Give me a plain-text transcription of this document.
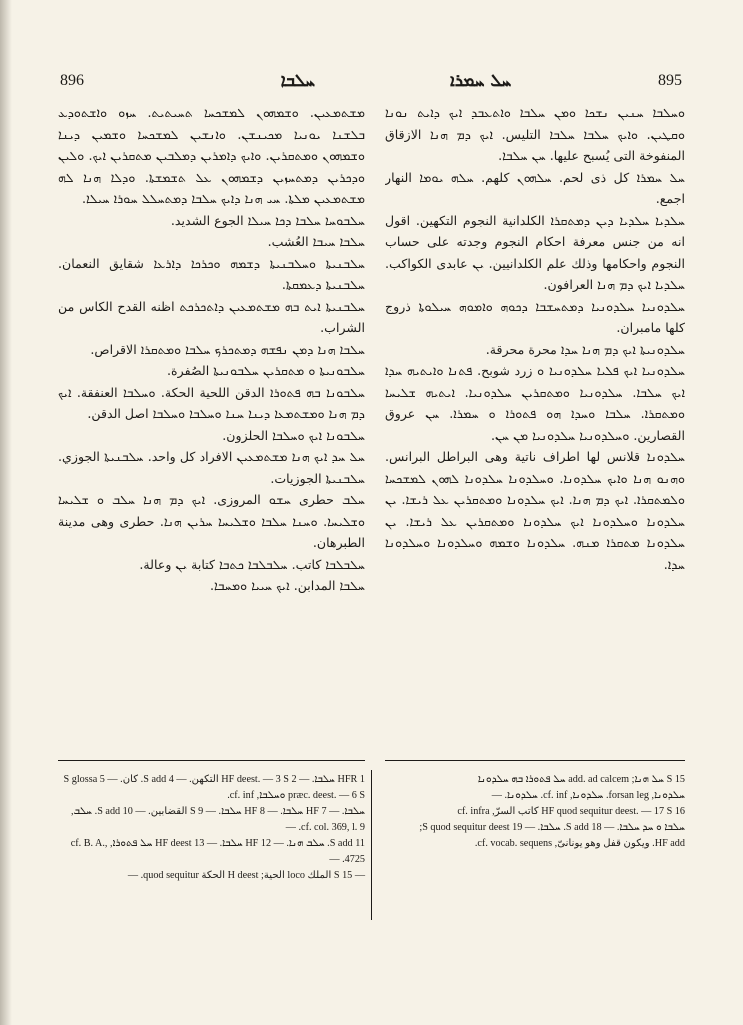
896	ܚܠܒܐ	ܚܠ ܚܡܪܐ	895

ܡܫܬܡܥܝܢ. ܘܫܡܗܘܢ ܠܡܫܟܚܐ ܬܚܝܬܝܬ. ܚܙܘ ܘܐܫܬܘܕܥ ܒܠܫܢܐ ܝܘܢܝܐ ܡܟܝܢܫܢ. ܘܐܢܫܝܢ ܠܡܫܟܚܐ ܘܫܡܝܢ ܕܝܢܐ ܘܫܡܗܘܢ ܘܡܬܩܪܝܢ. ܘܐܝܟ ܕܐܡܪܝܢ ܕܡܠܒܝܢ ܡܬܩܪܝܢ ܐܝܟ. ܘܠܝܢ ܘܕܟܪܝܢ ܕܡܬܚܙܝܢ ܕܫܡܗܘܢ ܥܠ ܬܫܡܫܬܐ. ܘܕܠܐ ܗܢܐ ܠܗ ܡܫܬܡܥܝܢ ܡܠܬܐ. ܚܝ ܗܢܐ ܕܐܝܟ ܚܠܒܐ ܕܡܬܚܠܠ ܚܘܪܐ ܚܝܠܐ.

ܚܠܒܘܚܐ ܚܠܒܐ ܕܟܐ ܚܝܠܐ الجوع الشديد.

ܚܠܒܐ ܚܝܒܐ العُشب.

ܚܠܒܢܝܬܐ ܘܚܠܒܢܝܬܐ ܕܫܡܗ ܘܟܪܟܐ ܕܐܪܥܐ شقايق النعمان. ܚܠܒܢܝܬܐ ܕܥܡܩܬܐ.

ܚܠܒܢܝܬܐ ܐܝܬ ܒܗ ܡܫܬܡܥܝܢ ܕܐܬܟܪܟܬ اظنه القدح الكاس من الشراب.

ܚܠܒܐ ܗܢܐ ܕܡܢ ܢܦܫܗ ܕܡܬܟܪܟ ܚܠܒܐ ܘܡܬܩܪܐ الاقراص.

ܚܠܒܘܢܝܬܐ ܘ ܡܬܩܪܝܢ ܚܠܒܘܢܝܬܐ الصُفرة.

ܚܠܒܘܢܐ ܒܗ ܦܬܘܪܐ الدقن اللحية الحكة. ܘܚܠܒܐ العنفقة. ܐܝܟ ܕܡ ܗܢܐ ܘܡܫܬܡܥܐ ܕܝܢܐ ܚܢܐ ܘܚܠܒܐ ܘܚܠܒܐ اصل الدقن.

ܚܠܒܘܢܐ ܐܝܟ ܘܚܠܒܐ الحلزون.

ܚܠ ܚܕ ܐܝܟ ܗܢܐ ܡܫܬܡܥܝܢ الافراد كل واحد. ܚܠܒܢܝܬܐ الجوزي. ܚܠܒܢܝܬܐ الجوزيات.

ܚܠܒ حطرى ܚܫܘ المروزى. ܐܝܟ ܕܡ ܗܢܐ ܚܠܒ ܘ ܫܠܝܚܐ ܘܫܠܝܚܐ. ܘܚܢܐ ܚܠܒܐ ܘܫܠܝܚܐ ܚܪܝܢ ܗܢܐ. حطرى وهى مدينة الطبرهان.

ܚܠܒܠܒܐ كاتب. ܚܠܒܠܒܐ ܟܬܒܐ كتابة ܝܢ وعالة.

ܚܠܒܐ المدابن. ܐܝܟ ܚܝܝܐ ܘܡܚܒܐ.

ܘܚܠܒܐ ܚܢܝܢ ܢܫܟܐ ܘܡܢ ܚܠܒܐ ܘܐܬܥܒܕ ܐܝܟ ܕܐܝܬ ܢܘܢܐ ܘܩܛܝܢ. ܘܐܝܟ ܚܠܒܐ ܚܠܒܐ التليس. ܐܝܟ ܕܡ ܗܢܐ الازقاق المنفوخة التى يُسبح عليها. ܚܢ ܚܠܒܐ.

ܚܠ ܚܡܪܐ كل ذى لحم. ܚܠܗܘܢ كلهم. ܚܠܗ ܝܘܡܐ النهار اجمع.

ܚܠܕܝܐ ܚܠܕܝܐ ܕܝܢ ܕܡܬܩܪܐ الكلدانية النجوم التكهين. اقول انه من جنس معرفة احكام النجوم وجدته على حساب النجوم واحكامها وذلك علم الكلدانيين. ܝܢ عابدى الكواكب. ܚܠܕܝܐ ܐܝܟ ܕܡ ܗܢܐ العرافون.

ܚܠܕܘܢܝܐ ܚܠܕܘܢܝܐ ܕܡܬܚܫܒܐ ܕܟܘܗ ܘܐܡܘܗ ܚܝܠܘܬܐ ذروج كلها مامبران.

ܚܠܕܘܢܝܬܐ ܐܝܟ ܕܡ ܗܢܐ ܚܕܐ محرة محرقة.

ܚܠܕܘܢܝܐ ܐܝܟ ܦܠܝܐ ܚܠܕܘܢܝܐ ܘ زرد شوبح. ܦܬܢܐ ܘܐܝܬܝܗ ܚܕܐ ܐܝܟ ܚܠܒܐ. ܚܠܕܘܢܝܐ ܘܡܬܩܪܝܢ ܚܠܕܘܢܝܐ. ܐܝܬܝܗ ܫܠܝܚܐ ܘܡܬܩܪܐ. ܚܠܒܐ ܘܚܕܐ ܗܘ ܦܬܘܪܐ ܘ ܚܡܪܐ. ܚܢ عروق القصارين. ܘܚܠܕܘܢܝܐ ܚܠܕܘܢܝܐ ܡܢ ܚܢ.

ܚܠܕܘܢܐ قلانس لها اطراف ناتية وهى البراطل البرانس. ܘܗܢܘ ܗܢܐ ܘܐܝܟ ܚܠܕܘܢܐ. ܘܚܠܕܘܢܐ ܚܠܕܘܢܐ ܠܗܘܢ ܠܡܫܟܚܐ ܘܠܡܬܩܪܐ. ܐܝܟ ܕܡ ܗܢܐ. ܐܝܟ ܚܠܕܘܢܐ ܘܡܬܩܪܝܢ ܥܠ ܪܝܫܐ. ܝܢ ܚܠܕܘܢܐ ܘܚܠܕܘܢܐ ܐܝܟ ܚܠܕܘܢܐ ܘܡܬܩܪܝܢ ܥܠ ܪܝܫܐ. ܝܢ ܚܠܕܘܢܐ ܡܬܩܪܐ ܡܢܗ. ܚܠܕܘܢܐ ܘܫܡܗ ܘܚܠܕܘܢܐ ܘܚܠܕܘܢܐ ܚܕܐ.

1 HFR ܚܠܒܐ. — 2 HF deest. — 3 S التكهن. — 4 S add. كان. — 5 S glossa præc. deest. — 6 S ܘܚܠܒܐ, cf. inf.

ܚܠܒܐ. — 7 HF ܚܠܒܐ. — 8 HF ܚܠܒܐ. — 9 S القضابين. — 10 S add. ܚܠܒ, cf. col. 369, l. 9. —

11 S add. ܚܠܒ ܗܢܐ. — 12 HF ܚܠܒܐ. — 13 HF deest ܚܠ ܦܬܘܪܐ, cf. B. A., 4725. —

— 15 S الملك loco الحية; H deest الحكة quod sequitur. —

15 S ܚܠ ܗܢܐ; add. ad calcem ܚܠ ܦܬܘܪܐ ܒܗ ܚܠܕܘܢܐ

ܚܠܕܘܢܐ, forsan leg. ܚܠܕܘܢܐ, cf. inf. ܚܠܕܘܢܐ. —

16 HF quod sequitur deest. — 17 S كاتب السرّ, cf. infra

ܚܠܒܐ ܘ ܚܕ ܚܠܒܐ. — 18 S add. ܚܠܒܐ. — 19 S quod sequitur deest;

HF add. ويكون قفل وهو يونانىّ, cf. vocab. sequens.
